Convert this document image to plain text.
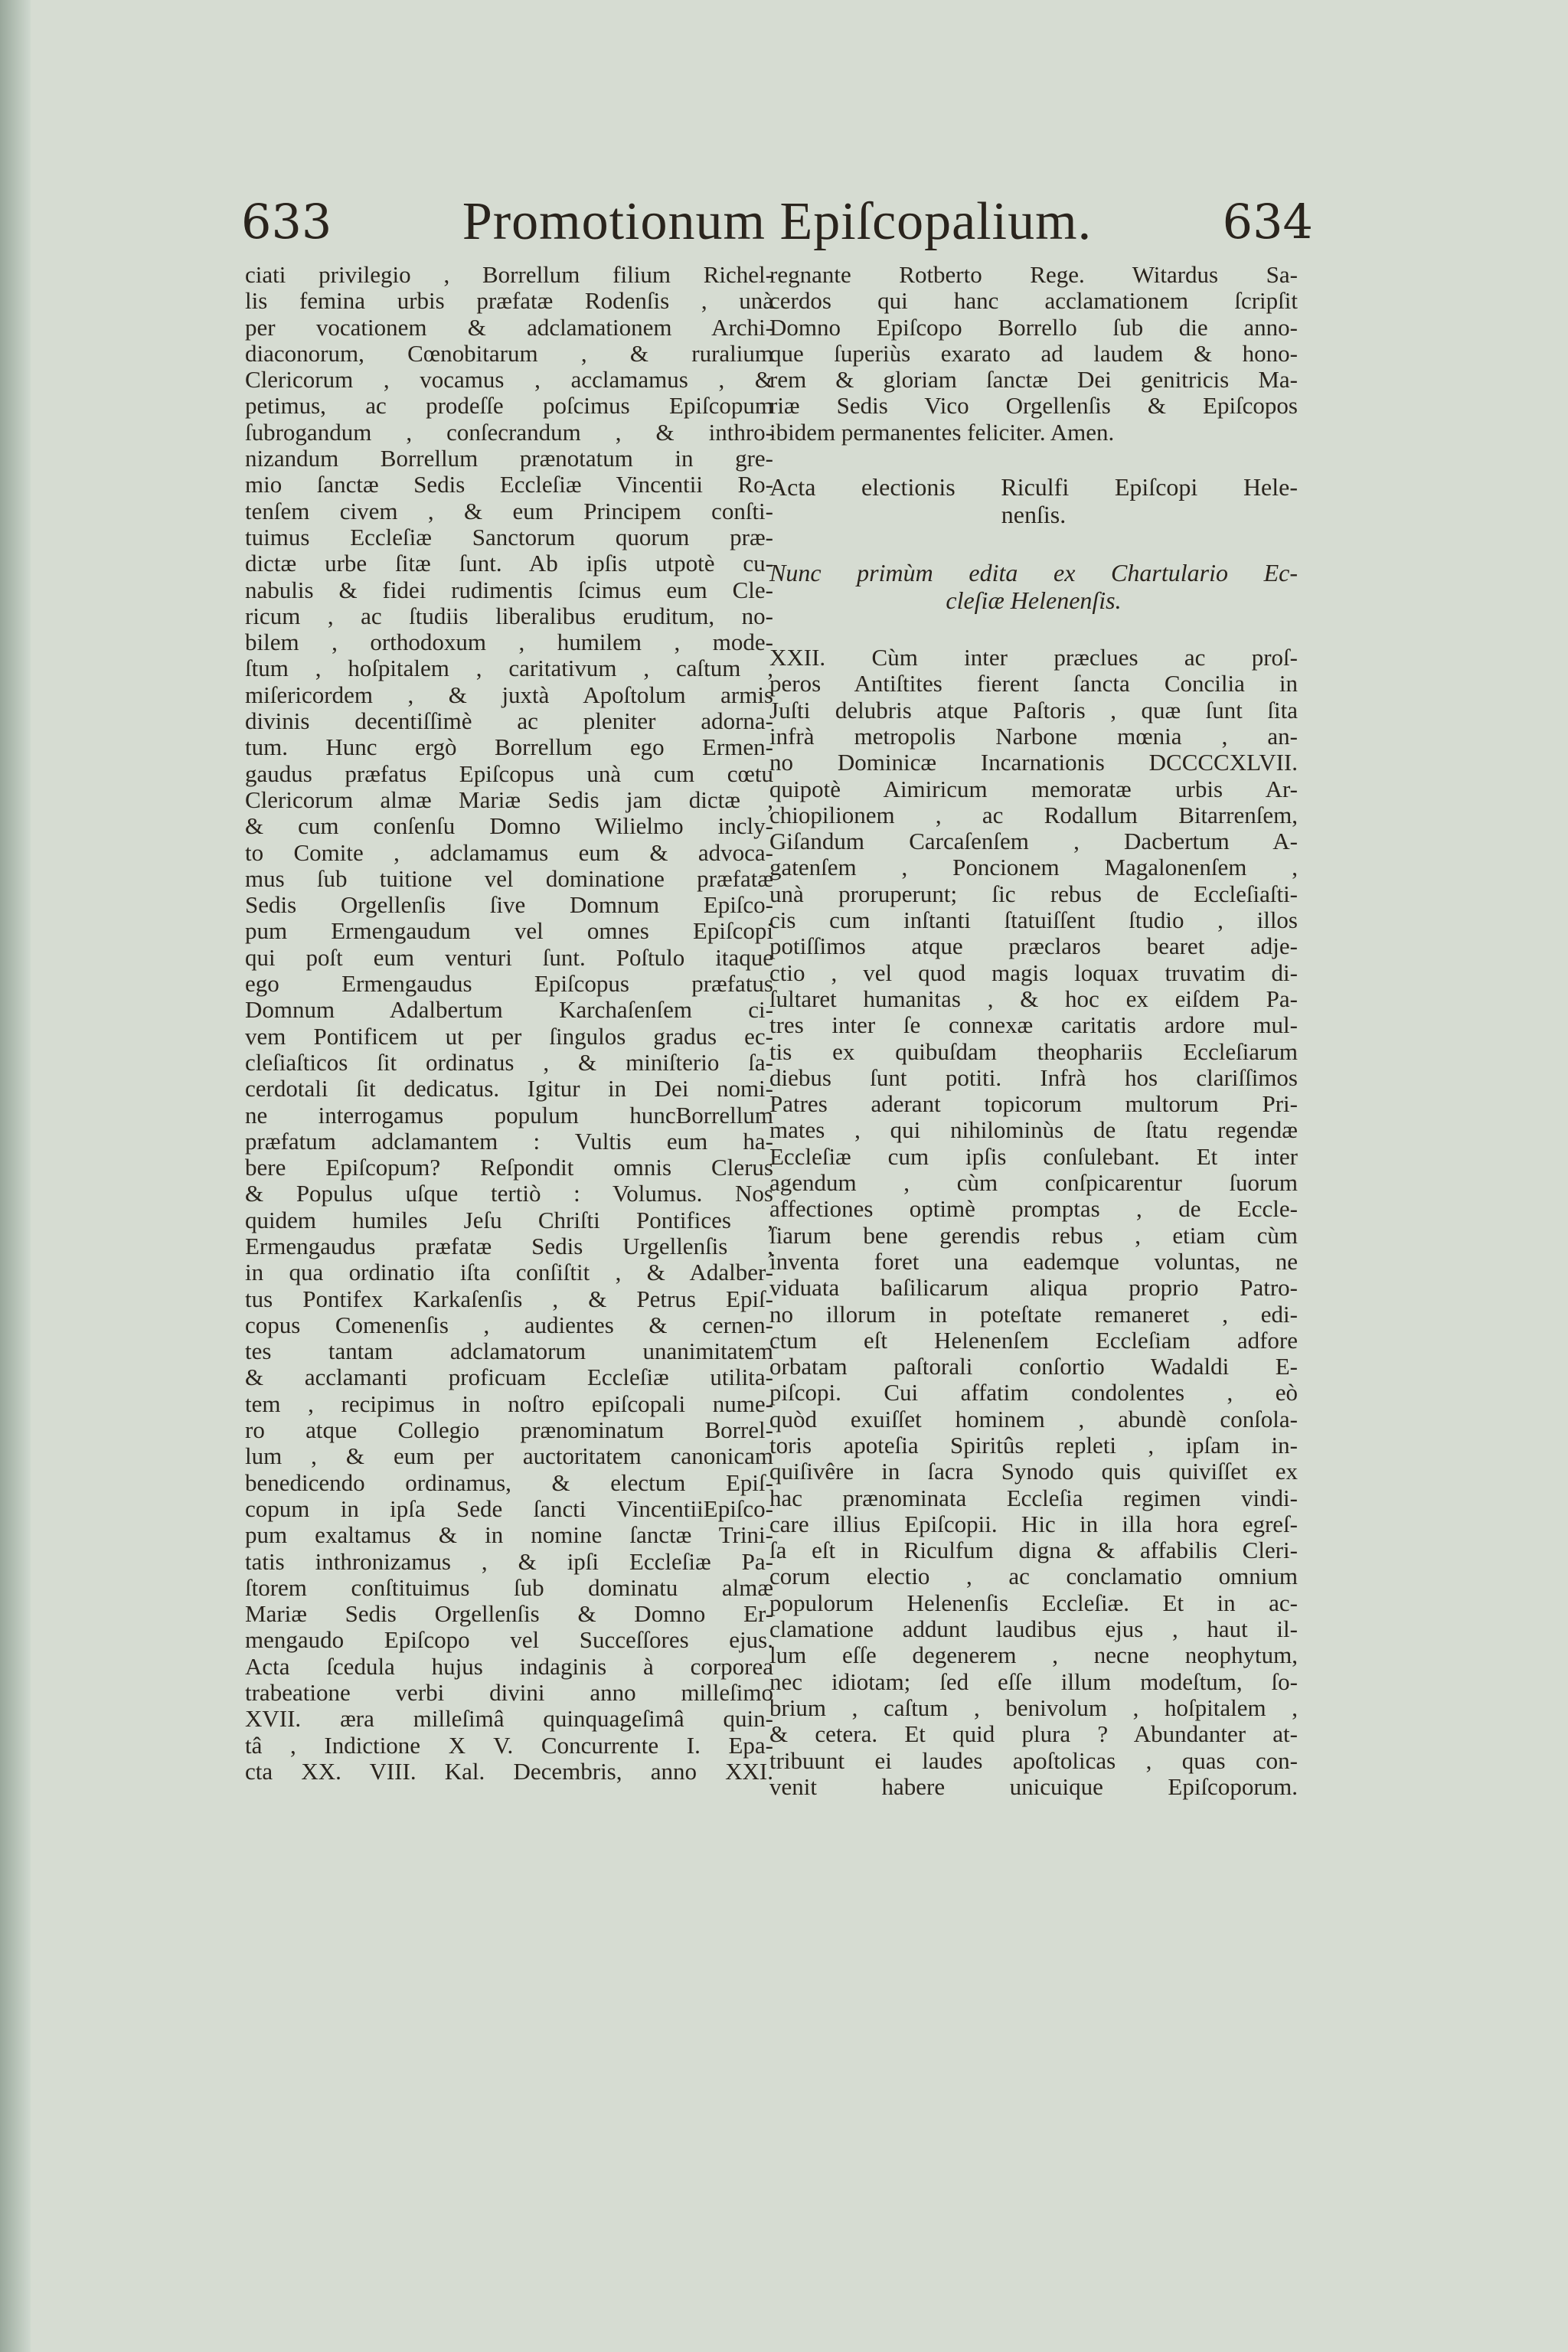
633	Promotionum Epiſcopalium.	634
ciati privilegio , Borrellum filium Richel-
lis femina urbis præfatæ Rodenſis , unà
per vocationem & adclamationem Archi-
diaconorum, Cœnobitarum , & ruralium
Clericorum , vocamus , acclamamus , &
petimus, ac prodeſſe poſcimus Epiſcopum
ſubrogandum , conſecrandum , & inthro-
nizandum Borrellum prænotatum in gre-
mio ſanctæ Sedis Eccleſiæ Vincentii Ro-
tenſem civem , & eum Principem conſti-
tuimus Eccleſiæ Sanctorum quorum præ-
dictæ urbe ſitæ ſunt. Ab ipſis utpotè cu-
nabulis & fidei rudimentis ſcimus eum Cle-
ricum , ac ſtudiis liberalibus eruditum, no-
bilem , orthodoxum , humilem , mode-
ſtum , hoſpitalem , caritativum , caſtum ,
miſericordem , & juxtà Apoſtolum armis
divinis decentiſſimè ac pleniter adorna-
tum. Hunc ergò Borrellum ego Ermen-
gaudus præfatus Epiſcopus unà cum cœtu
Clericorum almæ Mariæ Sedis jam dictæ ,
& cum conſenſu Domno Wilielmo incly-
to Comite , adclamamus eum & advoca-
mus ſub tuitione vel dominatione præfatæ
Sedis Orgellenſis ſive Domnum Epiſco-
pum Ermengaudum vel omnes Epiſcopi
qui poſt eum venturi ſunt. Poſtulo itaque
ego Ermengaudus Epiſcopus præfatus
Domnum Adalbertum Karchaſenſem ci-
vem Pontificem ut per ſingulos gradus ec-
cleſiaſticos ſit ordinatus , & miniſterio ſa-
cerdotali ſit dedicatus. Igitur in Dei nomi-
ne interrogamus populum huncBorrellum
præfatum adclamantem : Vultis eum ha-
bere Epiſcopum? Reſpondit omnis Clerus
& Populus uſque tertiò : Volumus. Nos
quidem humiles Jeſu Chriſti Pontifices ,
Ermengaudus præfatæ Sedis Urgellenſis ,
in qua ordinatio iſta conſiſtit , & Adalber-
tus Pontifex Karkaſenſis , & Petrus Epiſ-
copus Comenenſis , audientes & cernen-
tes tantam adclamatorum unanimitatem
& acclamanti proficuam Eccleſiæ utilita-
tem , recipimus in noſtro epiſcopali nume-
ro atque Collegio prænominatum Borrel-
lum , & eum per auctoritatem canonicam
benedicendo ordinamus, & electum Epiſ-
copum in ipſa Sede ſancti VincentiiEpiſco-
pum exaltamus & in nomine ſanctæ Trini-
tatis inthronizamus , & ipſi Eccleſiæ Pa-
ſtorem conſtituimus ſub dominatu almæ
Mariæ Sedis Orgellenſis & Domno Er-
mengaudo Epiſcopo vel Succeſſores ejus.
Acta ſcedula hujus indaginis à corporea
trabeatione verbi divini anno milleſimo
XVII. æra milleſimâ quinquageſimâ quin-
tâ , Indictione X V. Concurrente I. Epa-
cta XX. VIII. Kal. Decembris, anno XXI.
regnante Rotberto Rege. Witardus Sa-
cerdos qui hanc acclamationem ſcripſit
Domno Epiſcopo Borrello ſub die anno-
que ſuperiùs exarato ad laudem & hono-
rem & gloriam ſanctæ Dei genitricis Ma-
riæ Sedis Vico Orgellenſis & Epiſcopos
ibidem permanentes feliciter. Amen.
Acta electionis Riculfi Epiſcopi Hele-
nenſis.
Nunc primùm edita ex Chartulario Ec-
cleſiæ Helenenſis.
XXII. Cùm inter præclues ac proſ-
peros Antiſtites fierent ſancta Concilia in
Juſti delubris atque Paſtoris , quæ ſunt ſita
infrà metropolis Narbone mœnia , an-
no Dominicæ Incarnationis DCCCCXLVII.
quipotè Aimiricum memoratæ urbis Ar-
chiopilionem , ac Rodallum Bitarrenſem,
Giſandum Carcaſenſem , Dacbertum A-
gatenſem , Poncionem Magalonenſem ,
unà proruperunt; ſic rebus de Eccleſiaſti-
cis cum inſtanti ſtatuiſſent ſtudio , illos
potiſſimos atque præclaros bearet adje-
ctio , vel quod magis loquax truvatim di-
ſultaret humanitas , & hoc ex eiſdem Pa-
tres inter ſe connexæ caritatis ardore mul-
tis ex quibuſdam theophariis Eccleſiarum
diebus ſunt potiti. Infrà hos clariſſimos
Patres aderant topicorum multorum Pri-
mates , qui nihilominùs de ſtatu regendæ
Eccleſiæ cum ipſis conſulebant. Et inter
agendum , cùm conſpicarentur ſuorum
affectiones optimè promptas , de Eccle-
ſiarum bene gerendis rebus , etiam cùm
inventa foret una eademque voluntas, ne
viduata baſilicarum aliqua proprio Patro-
no illorum in poteſtate remaneret , edi-
ctum eſt Helenenſem Eccleſiam adfore
orbatam paſtorali conſortio Wadaldi E-
piſcopi. Cui affatim condolentes , eò
quòd exuiſſet hominem , abundè conſola-
toris apoteſia Spiritûs repleti , ipſam in-
quiſivêre in ſacra Synodo quis quiviſſet ex
hac prænominata Eccleſia regimen vindi-
care illius Epiſcopii. Hic in illa hora egreſ-
ſa eſt in Riculfum digna & affabilis Cleri-
corum electio , ac conclamatio omnium
populorum Helenenſis Eccleſiæ. Et in ac-
clamatione addunt laudibus ejus , haut il-
lum eſſe degenerem , necne neophytum,
nec idiotam; ſed eſſe illum modeſtum, ſo-
brium , caſtum , benivolum , hoſpitalem ,
& cetera. Et quid plura ? Abundanter at-
tribuunt ei laudes apoſtolicas , quas con-
venit habere unicuique Epiſcoporum.
